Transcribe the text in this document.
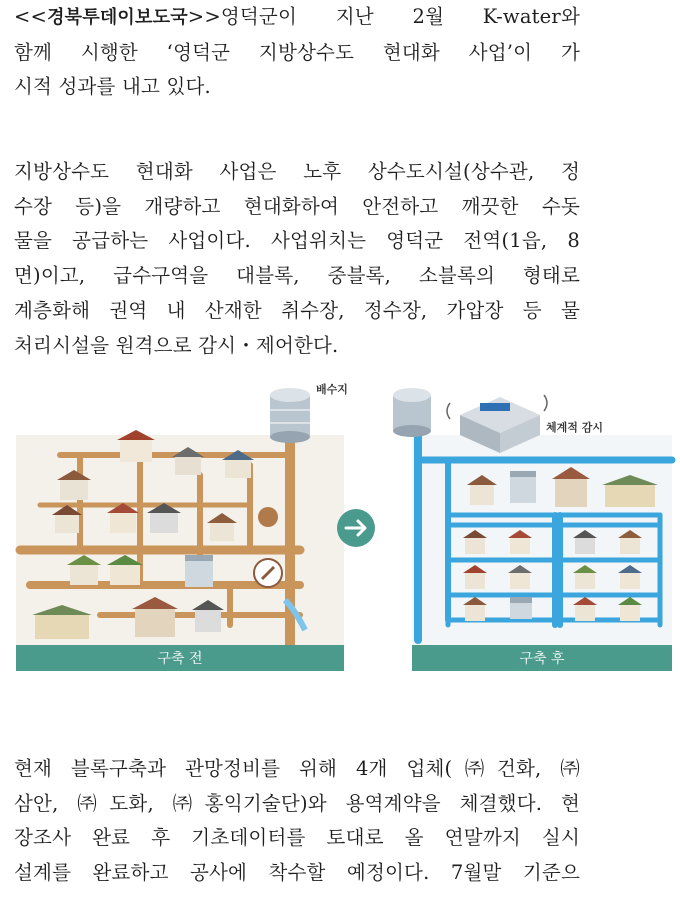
<<경북투데이보도국>>영덕군이 지난 2월 K-water와
함께 시행한 ‘영덕군 지방상수도 현대화 사업’이 가
시적 성과를 내고 있다.
지방상수도 현대화 사업은 노후 상수도시설(상수관, 정
수장 등)을 개량하고 현대화하여 안전하고 깨끗한 수돗
물을 공급하는 사업이다. 사업위치는 영덕군 전역(1읍, 8
면)이고, 급수구역을 대블록, 중블록, 소블록의 형태로
계층화해 권역 내 산재한 취수장, 정수장, 가압장 등 물
처리시설을 원격으로 감시・제어한다.
배수지
체계적 감시
구축 전	구축 후
현재 블록구축과 관망정비를 위해 4개 업체(㈜건화, ㈜
삼안, ㈜도화, ㈜홍익기술단)와 용역계약을 체결했다. 현
장조사 완료 후 기초데이터를 토대로 올 연말까지 실시
설계를 완료하고 공사에 착수할 예정이다. 7월말 기준으
